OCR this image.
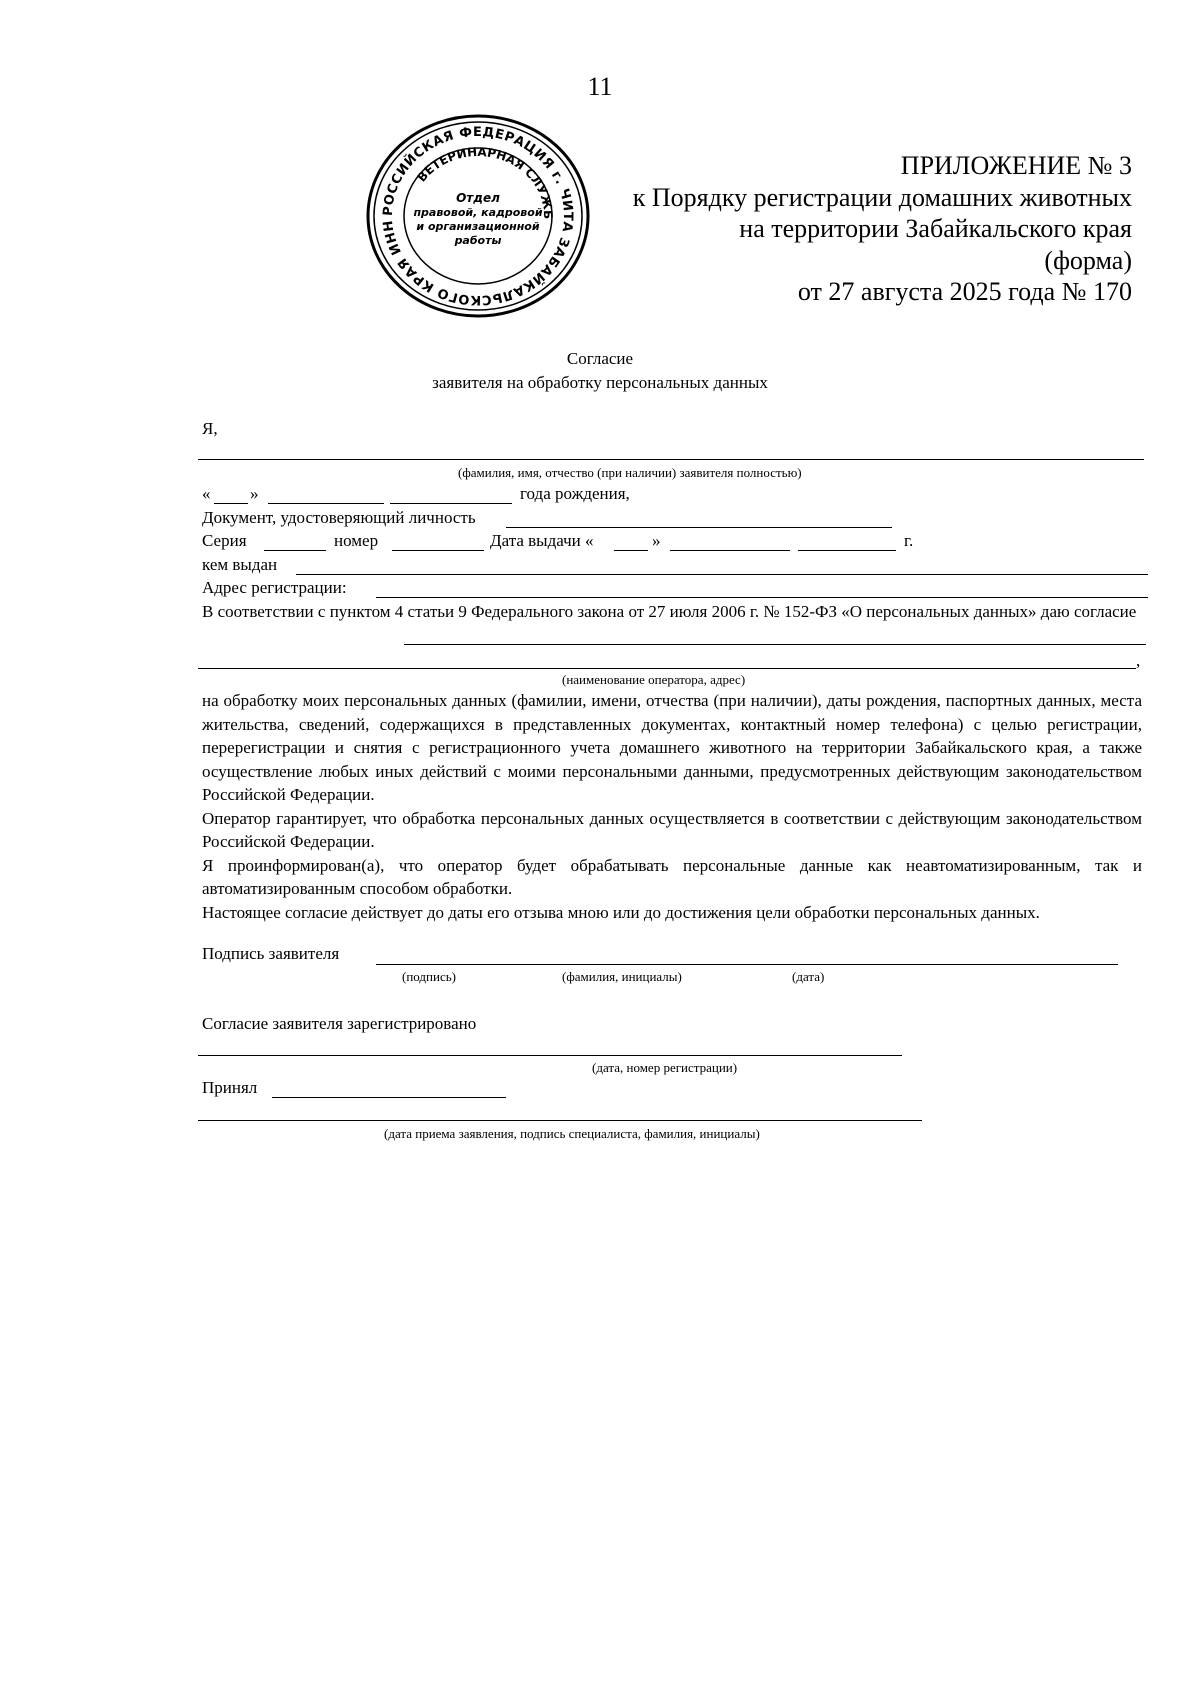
11
РОССИЙСКАЯ ФЕДЕРАЦИЯ г. ЧИТА ЗАБАЙКАЛЬСКОГО КРАЯ ИНН
ВЕТЕРИНАРНАЯ СЛУЖБ
Отдел
правовой, кадровой
и организационной
работы
ПРИЛОЖЕНИЕ № 3
к Порядку регистрации домашних животных
на территории Забайкальского края
(форма)
от 27 августа 2025 года № 170
Согласие
заявителя на обработку персональных данных
Я,
(фамилия, имя, отчество (при наличии) заявителя полностью)
« »	года рождения,
Документ, удостоверяющий личность
Серия	номер	Дата выдачи «	»	г.
кем выдан
Адрес регистрации:
В соответствии с пунктом 4 статьи 9 Федерального закона от 27 июля 2006 г. № 152-ФЗ «О персональных данных» даю согласие
,
(наименование оператора, адрес)

на обработку моих персональных данных (фамилии, имени, отчества (при наличии), даты рождения, паспортных данных, места жительства, сведений, содержащихся в представленных документах, контактный номер телефона) с целью регистрации, перерегистрации и снятия с регистрационного учета домашнего животного на территории Забайкальского края, а также осуществление любых иных действий с моими персональными данными, предусмотренных действующим законодательством Российской Федерации.

Оператор гарантирует, что обработка персональных данных осуществляется в соответствии с действующим законодательством Российской Федерации.

Я проинформирован(а), что оператор будет обрабатывать персональные данные как неавтоматизированным, так и автоматизированным способом обработки.

Настоящее согласие действует до даты его отзыва мною или до достижения цели обработки персональных данных.

Подпись заявителя
(подпись)	(фамилия, инициалы)	(дата)
Согласие заявителя зарегистрировано
(дата, номер регистрации)
Принял
(дата приема заявления, подпись специалиста, фамилия, инициалы)
